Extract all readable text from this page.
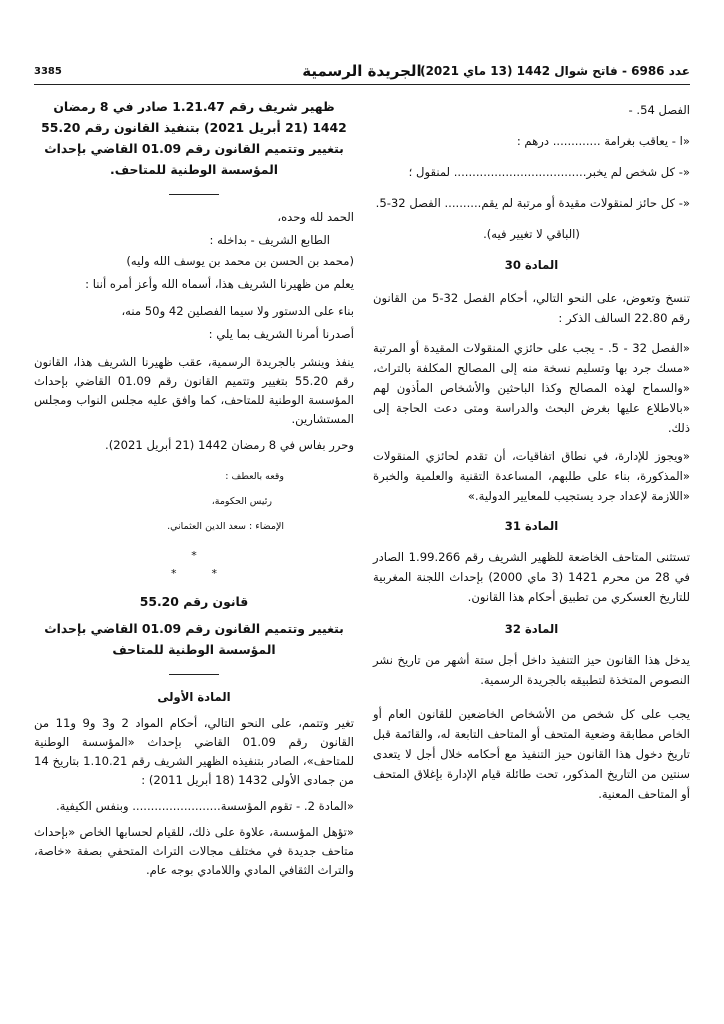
عدد 6986 - فاتح شوال 1442 (13 ماي 2021)
الجريدة الرسمية
3385

الفصل 54. -

«ا - يعاقب بغرامة ............. درهم :

«- كل شخص لم يخبر.................................... لمنقول ؛

«- كل حائز لمنقولات مقيدة أو مرتبة لم يقم.......... الفصل 32-5.

(الباقي لا تغيير فيه).

المادة 30

تنسخ وتعوض، على النحو التالي، أحكام الفصل 32-5 من القانون رقم 22.80 السالف الذكر :

«الفصل 32 - 5. - يجب على حائزي المنقولات المقيدة أو المرتبة «مسك جرد بها وتسليم نسخة منه إلى المصالح المكلفة بالتراث، «والسماح لهذه المصالح وكذا الباحثين والأشخاص المأذون لهم «بالاطلاع عليها بغرض البحث والدراسة ومتى دعت الحاجة إلى ذلك.

«ويجوز للإدارة، في نطاق اتفاقيات، أن تقدم لحائزي المنقولات «المذكورة، بناء على طلبهم، المساعدة التقنية والعلمية والخبرة «اللازمة لإعداد جرد يستجيب للمعايير الدولية.»

المادة 31

تستثنى المتاحف الخاضعة للظهير الشريف رقم 1.99.266 الصادر في 28 من محرم 1421 (3 ماي 2000) بإحداث اللجنة المغربية للتاريخ العسكري من تطبيق أحكام هذا القانون.

المادة 32

يدخل هذا القانون حيز التنفيذ داخل أجل ستة أشهر من تاريخ نشر النصوص المتخذة لتطبيقه بالجريدة الرسمية.

يجب على كل شخص من الأشخاص الخاضعين للقانون العام أو الخاص مطابقة وضعية المتحف أو المتاحف التابعة له، والقائمة قبل تاريخ دخول هذا القانون حيز التنفيذ مع أحكامه خلال أجل لا يتعدى سنتين من التاريخ المذكور، تحت طائلة قيام الإدارة بإغلاق المتحف أو المتاحف المعنية.

ظهير شريف رقم 1.21.47 صادر في 8 رمضان 1442 (21 أبريل 2021) بتنفيذ القانون رقم 55.20 بتغيير وتتميم القانون رقم 01.09 القاضي بإحداث المؤسسة الوطنية للمتاحف.

الحمد لله وحده،

الطابع الشريف - بداخله :

(محمد بن الحسن بن محمد بن يوسف الله وليه)

يعلم من ظهيرنا الشريف هذا، أسماه الله وأعز أمره أننا :

بناء على الدستور ولا سيما الفصلين 42 و50 منه،

أصدرنا أمرنا الشريف بما يلي :

ينفذ وينشر بالجريدة الرسمية، عقب ظهيرنا الشريف هذا، القانون رقم 55.20 بتغيير وتتميم القانون رقم 01.09 القاضي بإحداث المؤسسة الوطنية للمتاحف، كما وافق عليه مجلس النواب ومجلس المستشارين.

وحرر بفاس في 8 رمضان 1442 (21 أبريل 2021).

وقعه بالعطف :

رئيس الحكومة،

الإمضاء : سعد الدين العثماني.

*
*          *

قانون رقم 55.20

بتغيير وتتميم القانون رقم 01.09 القاضي بإحداث المؤسسة الوطنية للمتاحف

المادة الأولى

تغير وتتمم، على النحو التالي، أحكام المواد 2 و3 و9 و11 من القانون رقم 01.09 القاضي بإحداث «المؤسسة الوطنية للمتاحف»، الصادر بتنفيذه الظهير الشريف رقم 1.10.21 بتاريخ 14 من جمادى الأولى 1432 (18 أبريل 2011) :

«المادة 2. - تقوم المؤسسة........................ وبنفس الكيفية.

«تؤهل المؤسسة، علاوة على ذلك، للقيام لحسابها الخاص «بإحداث متاحف جديدة في مختلف مجالات التراث المتحفي بصفة «خاصة، والتراث الثقافي المادي واللامادي بوجه عام.
